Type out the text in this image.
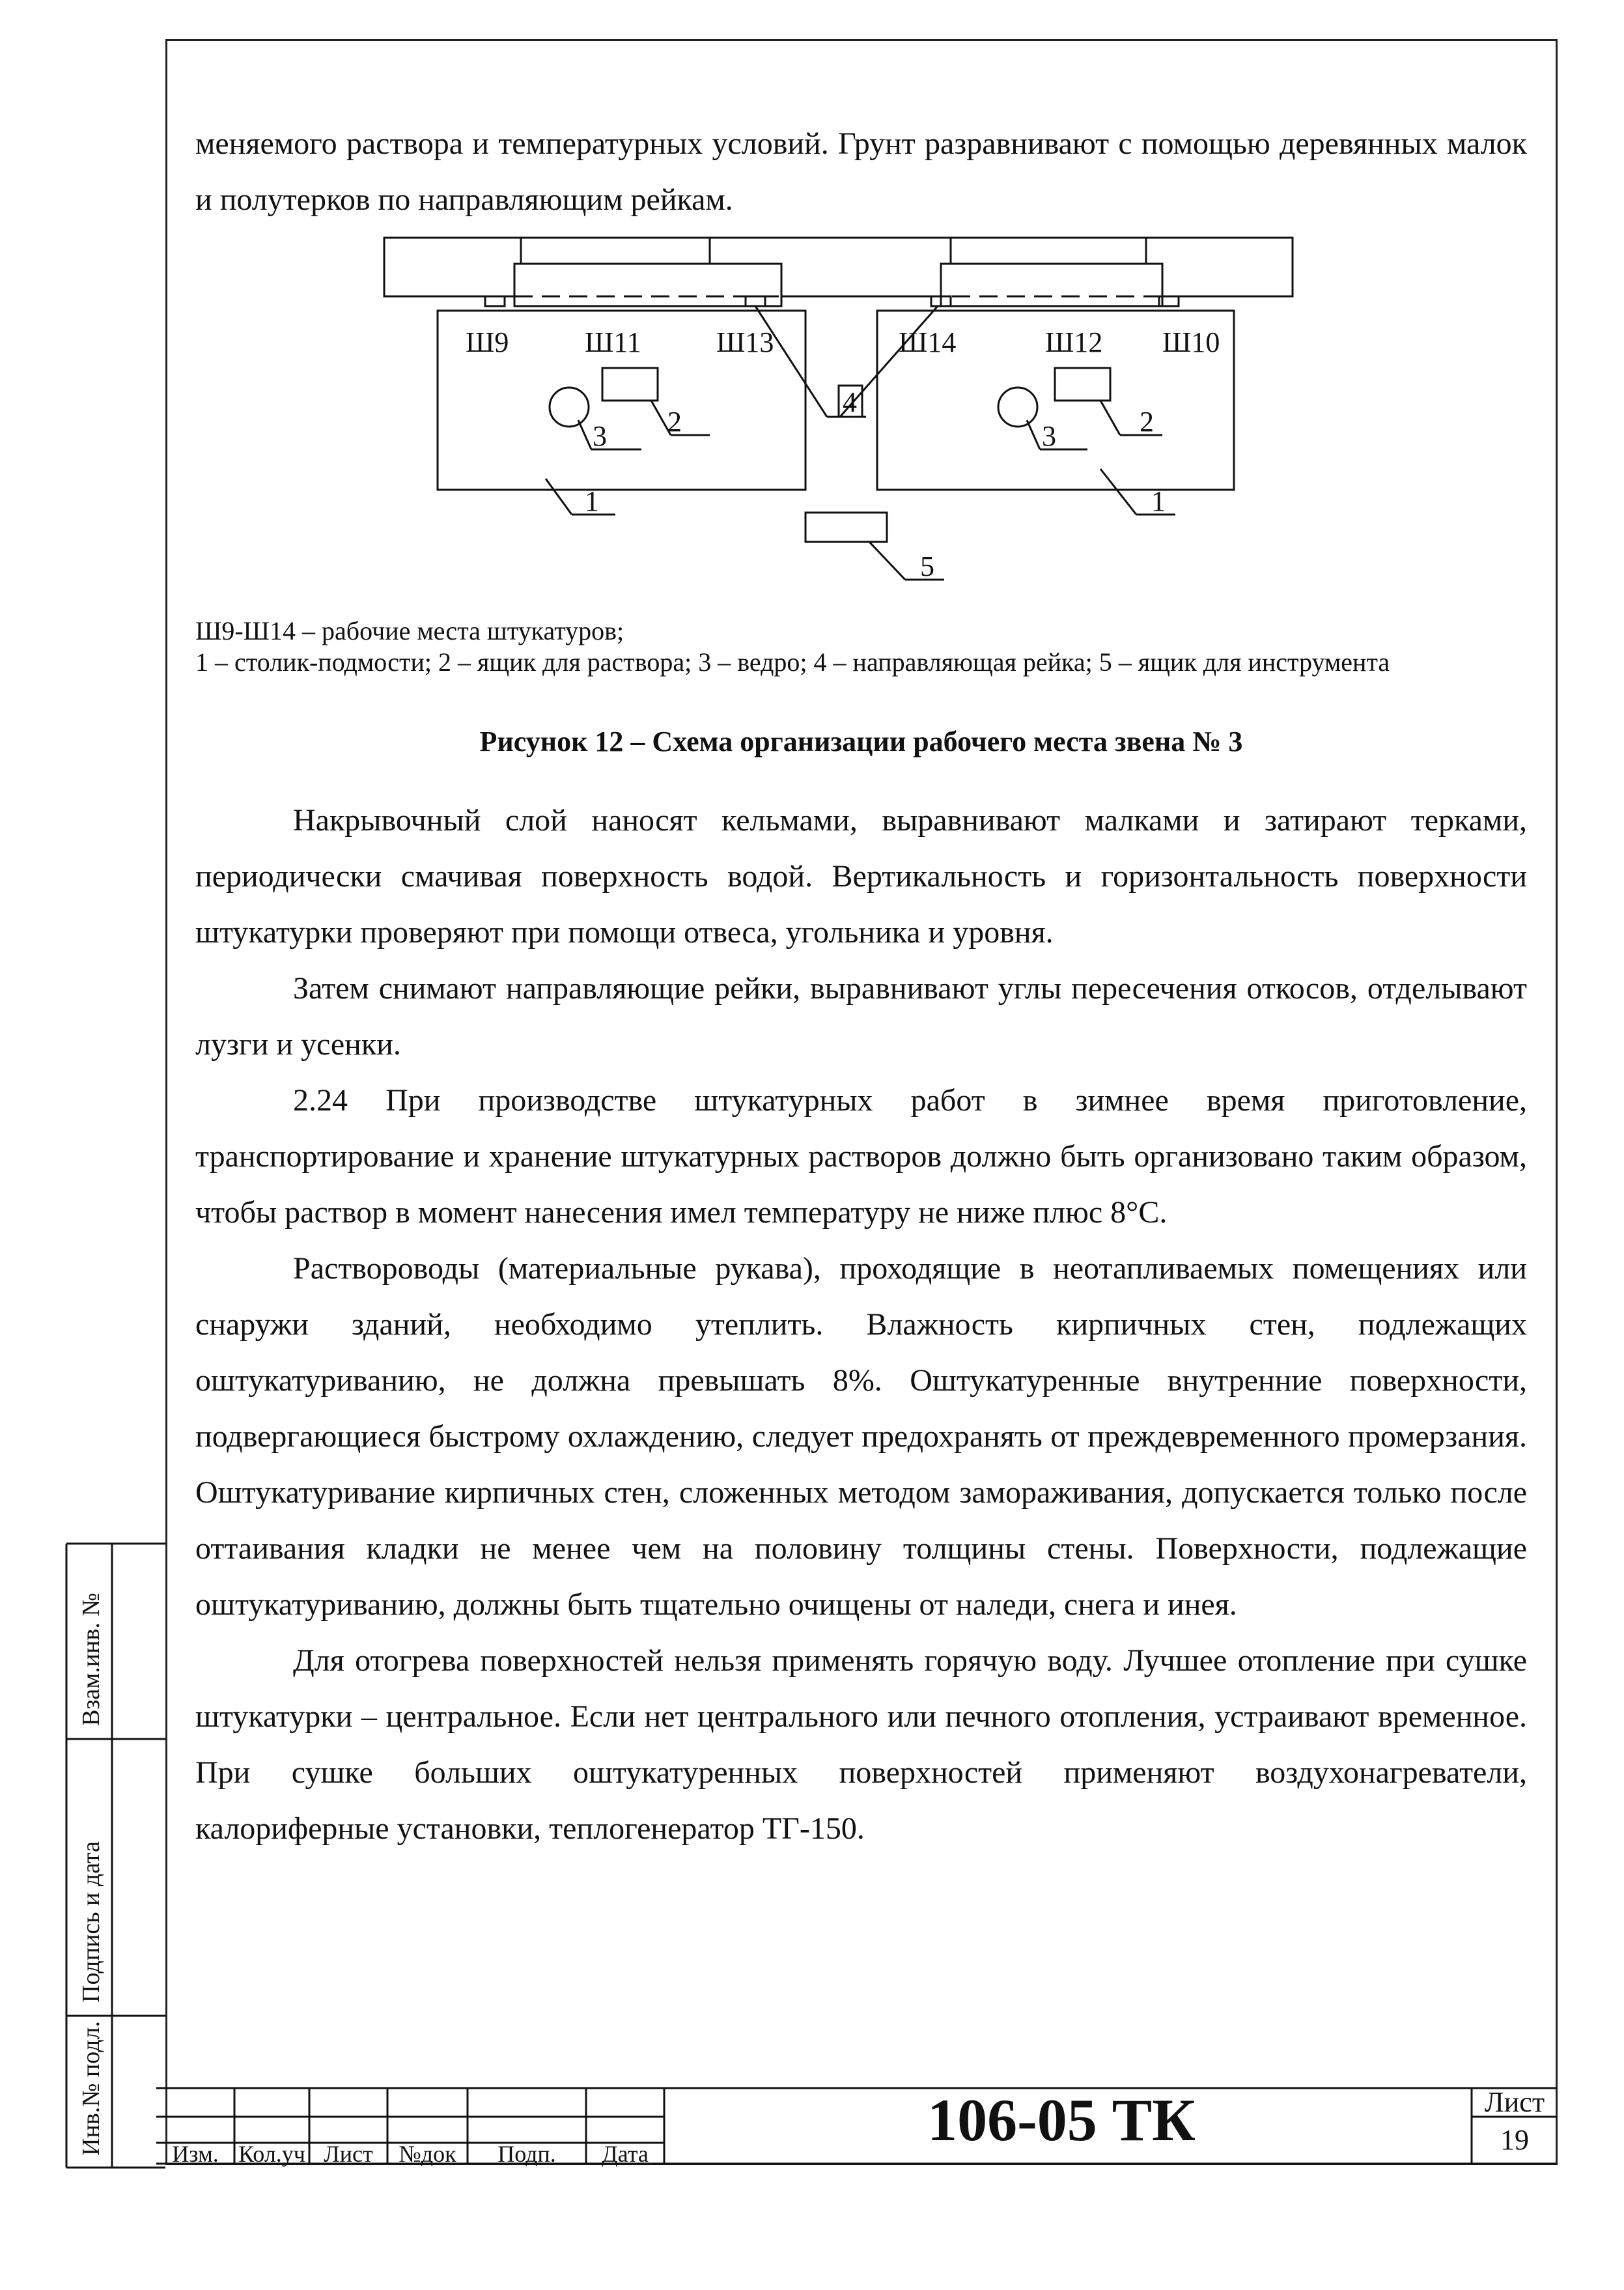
меняемого раствора и температурных условий. Грунт разравнивают с помощью деревянных малок и полутерков по направляющим рейкам.

Ш9	Ш11	Ш13	Ш14	Ш12 Ш10
2
3	2
3
1	1
4
5

Ш9-Ш14 – рабочие места штукатуров;

1 – столик-подмости; 2 – ящик для раствора; 3 – ведро; 4 – направляющая рейка; 5 – ящик для инструмента

Рисунок 12 – Схема организации рабочего места звена № 3

Накрывочный слой наносят кельмами, выравнивают малками и затирают терками, периодически смачивая поверхность водой. Вертикальность и горизонтальность поверхности штукатурки проверяют при помощи отвеса, угольника и уровня.

Затем снимают направляющие рейки, выравнивают углы пересечения откосов, отделывают лузги и усенки.

2.24 При производстве штукатурных работ в зимнее время приготовление, транспортирование и хранение штукатурных растворов должно быть организовано таким образом, чтобы раствор в момент нанесения имел температуру не ниже плюс 8°С.

Раствороводы (материальные рукава), проходящие в неотапливаемых помещениях или снаружи зданий, необходимо утеплить. Влажность кирпичных стен, подлежащих оштукатуриванию, не должна превышать 8%. Оштукатуренные внутренние поверхности, подвергающиеся быстрому охлаждению, следует предохранять от преждевременного промерзания. Оштукатуривание кирпичных стен, сложенных методом замораживания, допускается только после оттаивания кладки не менее чем на половину толщины стены. Поверхности, подлежащие оштукатуриванию, должны быть тщательно очищены от наледи, снега и инея.

Для отогрева поверхностей нельзя применять горячую воду. Лучшее отопление при сушке штукатурки – центральное. Если нет центрального или печного отопления, устраивают временное. При сушке больших оштукатуренных поверхностей применяют воздухонагреватели, калориферные установки, теплогенератор ТГ-150.

Взам.инв. №
Подпись и дата
Инв.№ подл.	106-05 ТК
Изм. Кол.уч Лист	№док	Подп.	Дата
Лист
19
